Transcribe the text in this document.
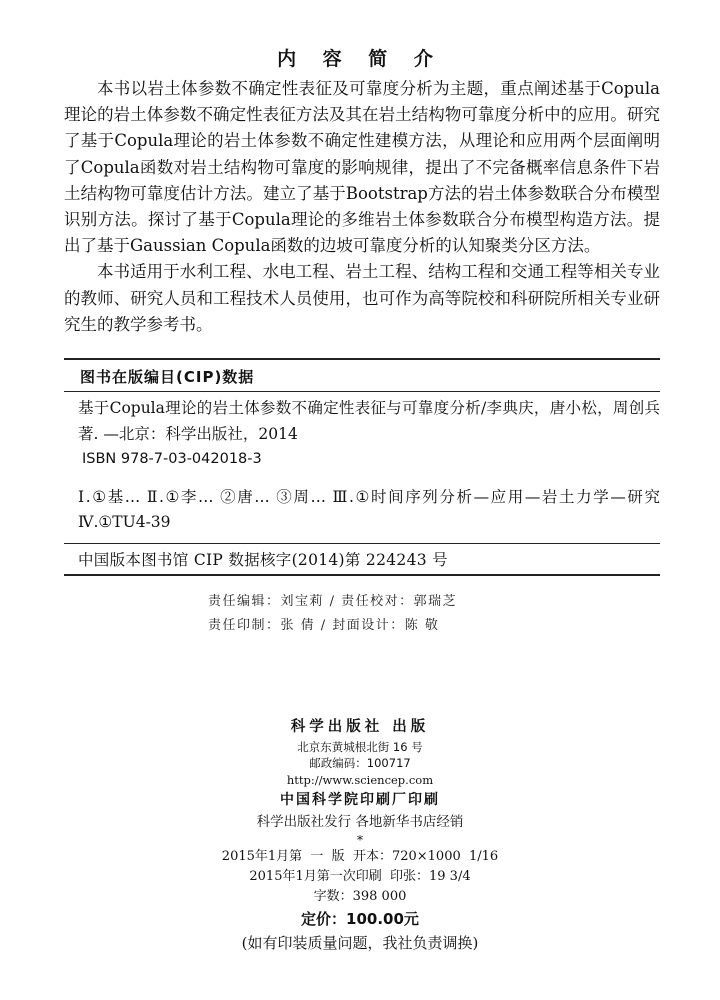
内 容 简 介

本书以岩土体参数不确定性表征及可靠度分析为主题，重点阐述基于Copula理论的岩土体参数不确定性表征方法及其在岩土结构物可靠度分析中的应用。研究了基于Copula理论的岩土体参数不确定性建模方法，从理论和应用两个层面阐明了Copula函数对岩土结构物可靠度的影响规律，提出了不完备概率信息条件下岩土结构物可靠度估计方法。建立了基于Bootstrap方法的岩土体参数联合分布模型识别方法。探讨了基于Copula理论的多维岩土体参数联合分布模型构造方法。提出了基于Gaussian Copula函数的边坡可靠度分析的认知聚类分区方法。

本书适用于水利工程、水电工程、岩土工程、结构工程和交通工程等相关专业的教师、研究人员和工程技术人员使用，也可作为高等院校和科研院所相关专业研究生的教学参考书。

图书在版编目(CIP)数据

基于Copula理论的岩土体参数不确定性表征与可靠度分析/李典庆，唐小松，周创兵著. —北京：科学出版社，2014

ISBN 978-7-03-042018-3

Ⅰ.①基… Ⅱ.①李… ②唐… ③周… Ⅲ.①时间序列分析—应用—岩土力学—研究 Ⅳ.①TU4-39

中国版本图书馆 CIP 数据核字(2014)第 224243 号
责任编辑：刘宝莉 / 责任校对：郭瑞芝
责任印制：张 倩 / 封面设计：陈 敬
科学出版社 出版
北京东黄城根北街 16 号
邮政编码：100717
http://www.sciencep.com
中国科学院印刷厂印刷
科学出版社发行 各地新华书店经销
*
2015年1月第  一  版  开本：720×1000  1/16
2015年1月第一次印刷  印张：19 3/4
字数：398 000
定价：100.00元
(如有印装质量问题，我社负责调换)
